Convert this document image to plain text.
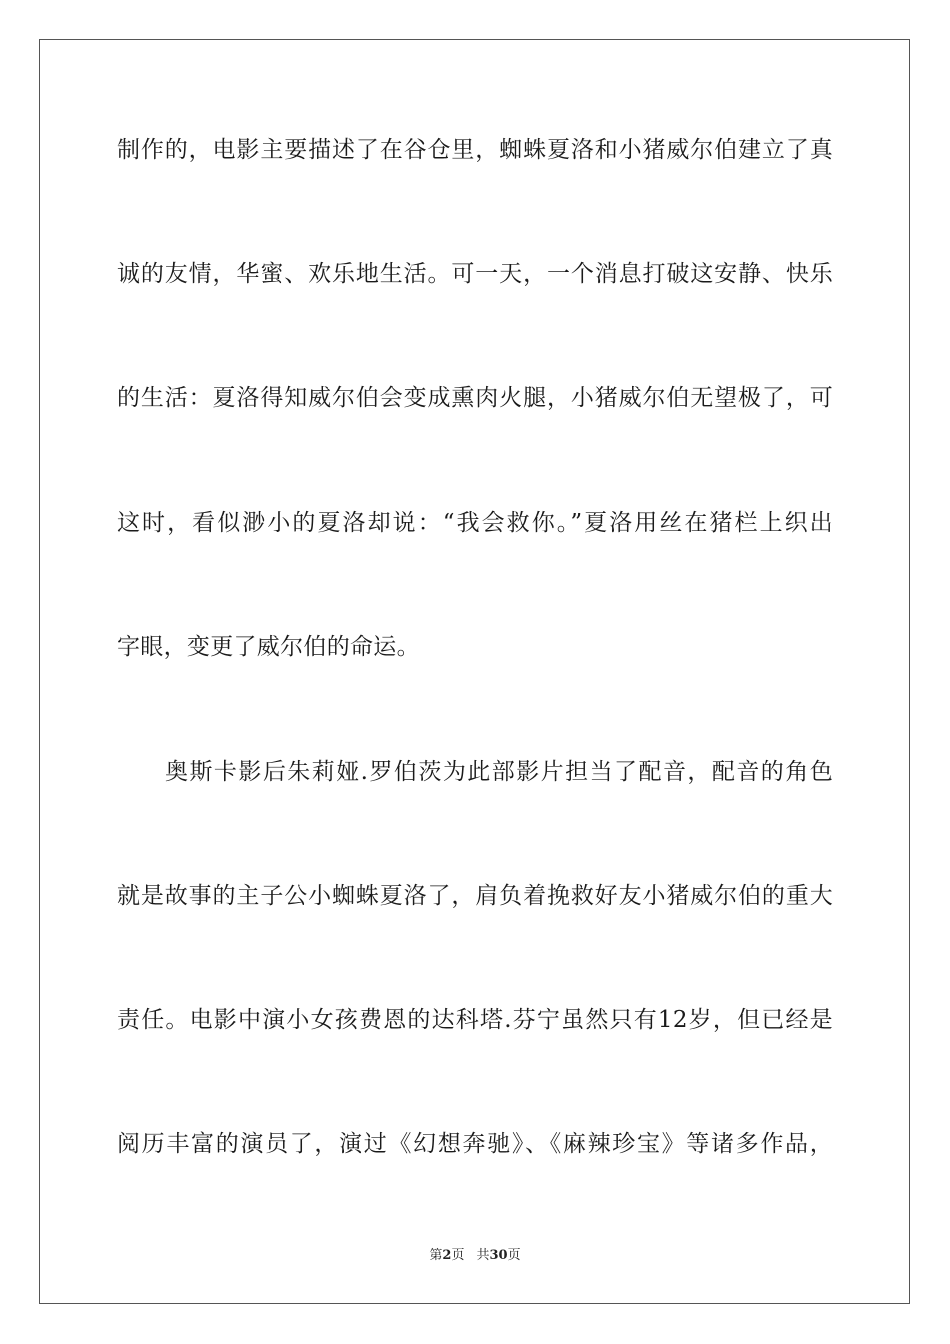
制作的，电影主要描述了在谷仓里，蜘蛛夏洛和小猪威尔伯建立了真
诚的友情，华蜜、欢乐地生活。可一天，一个消息打破这安静、快乐
的生活：夏洛得知威尔伯会变成熏肉火腿，小猪威尔伯无望极了，可
这时，看似渺小的夏洛却说：“我会救你。”夏洛用丝在猪栏上织出
字眼，变更了威尔伯的命运。
奥斯卡影后朱莉娅.罗伯茨为此部影片担当了配音，配音的角色
就是故事的主子公小蜘蛛夏洛了，肩负着挽救好友小猪威尔伯的重大
责任。电影中演小女孩费恩的达科塔.芬宁虽然只有12岁，但已经是
阅历丰富的演员了，演过《幻想奔驰》、《麻辣珍宝》等诸多作品，
第2页 共30页
